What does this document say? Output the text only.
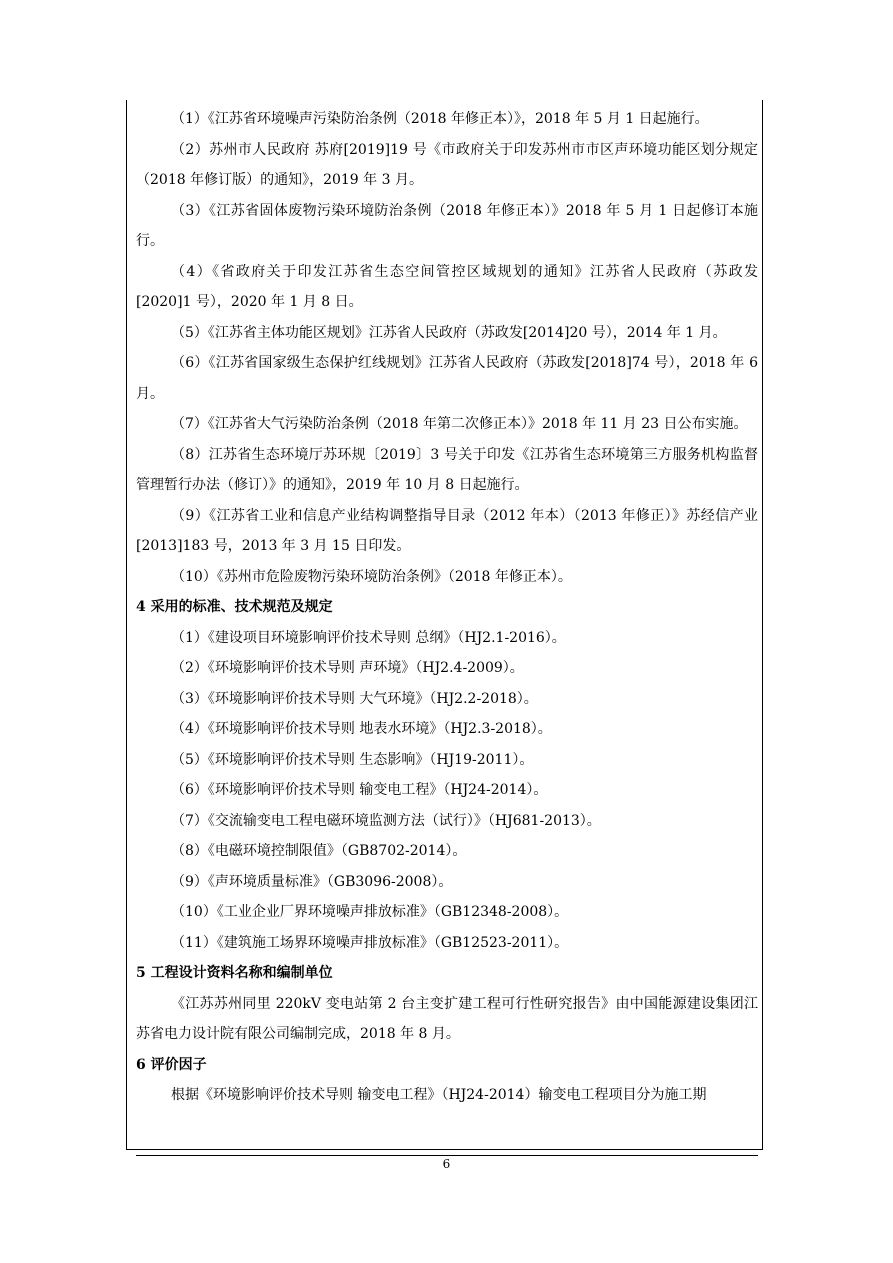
（1）《江苏省环境噪声污染防治条例（2018 年修正本）》，2018 年 5 月 1 日起施行。

（2）苏州市人民政府 苏府[2019]19 号《市政府关于印发苏州市市区声环境功能区划分规定（2018 年修订版）的通知》，2019 年 3 月。

（3）《江苏省固体废物污染环境防治条例（2018 年修正本）》2018 年 5 月 1 日起修订本施行。

（4）《省政府关于印发江苏省生态空间管控区域规划的通知》江苏省人民政府（苏政发[2020]1 号），2020 年 1 月 8 日。

（5）《江苏省主体功能区规划》江苏省人民政府（苏政发[2014]20 号），2014 年 1 月。

（6）《江苏省国家级生态保护红线规划》江苏省人民政府（苏政发[2018]74 号），2018 年 6 月。

（7）《江苏省大气污染防治条例（2018 年第二次修正本）》2018 年 11 月 23 日公布实施。

（8）江苏省生态环境厅苏环规〔2019〕3 号关于印发《江苏省生态环境第三方服务机构监督管理暂行办法（修订）》的通知》，2019 年 10 月 8 日起施行。

（9）《江苏省工业和信息产业结构调整指导目录（2012 年本）（2013 年修正）》苏经信产业[2013]183 号，2013 年 3 月 15 日印发。

（10）《苏州市危险废物污染环境防治条例》（2018 年修正本）。

4 采用的标准、技术规范及规定

（1）《建设项目环境影响评价技术导则 总纲》（HJ2.1-2016）。

（2）《环境影响评价技术导则 声环境》（HJ2.4-2009）。

（3）《环境影响评价技术导则 大气环境》（HJ2.2-2018）。

（4）《环境影响评价技术导则 地表水环境》（HJ2.3-2018）。

（5）《环境影响评价技术导则 生态影响》（HJ19-2011）。

（6）《环境影响评价技术导则 输变电工程》（HJ24-2014）。

（7）《交流输变电工程电磁环境监测方法（试行）》（HJ681-2013）。

（8）《电磁环境控制限值》（GB8702-2014）。

（9）《声环境质量标准》（GB3096-2008）。

（10）《工业企业厂界环境噪声排放标准》（GB12348-2008）。

（11）《建筑施工场界环境噪声排放标准》（GB12523-2011）。

5 工程设计资料名称和编制单位

《江苏苏州同里 220kV 变电站第 2 台主变扩建工程可行性研究报告》由中国能源建设集团江苏省电力设计院有限公司编制完成，2018 年 8 月。

6 评价因子

根据《环境影响评价技术导则 输变电工程》（HJ24-2014）输变电工程项目分为施工期

6
